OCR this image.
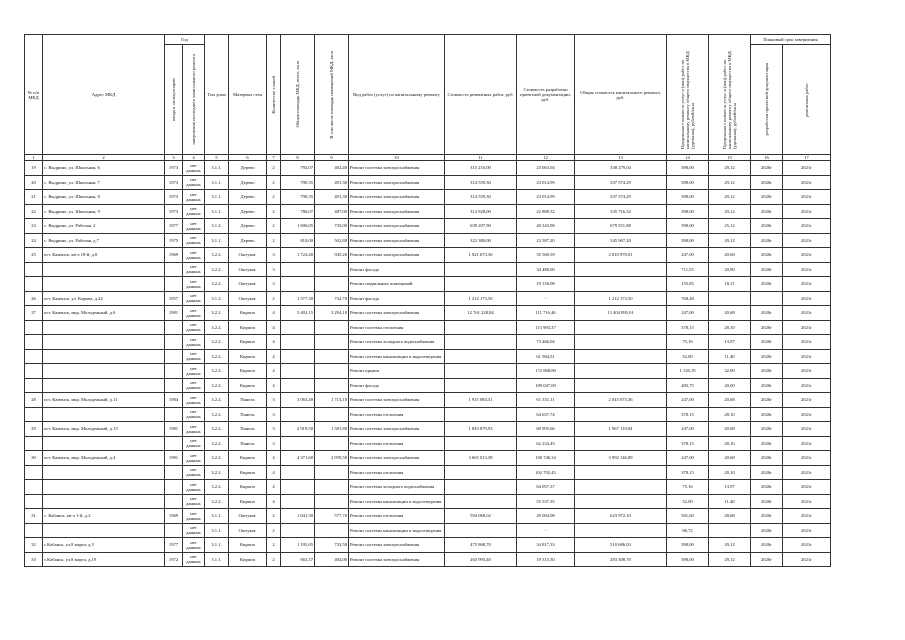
№ п/п МКД	Адрес МКД	Год		Тип дома	Материал стен	Количество этажей	Общая площадь МКД, всего, кв.м	В том числе площадь помещений МКД, кв.м	Вид работ (услуг) по капитальному ремонту	Стоимость ремонтных работ, руб.	Стоимость разработки проектной документации, руб.	Общая стоимость капитального ремонта, руб.	Предельная стоимость услуг и (или) работ по капитальному ремонту общего имущества в МКД (удельная), рублей/кв.м	Предельная стоимость услуг и (или) работ по капитальному ремонту общего имущества в МКД (удельная), рублей/кв.м	Плановый срок завершения	

		ввода в эксплуатацию	завершения последнего капитального ремонта												разработки проектной документации	ремонтных работ

1	2	3	4	5	6	7	8	9	10	11	12	13	14	15	16	17
19	с. Выдрино, ул. Школьная, 6	1973	нет данных	3.1.1.	Дерево	2	792,07	402,40	Ремонт системы электроснабжения	315 216,00	23 063,04	338 279,04	398,00	29,12	2020г	2021г
20	с. Выдрино, ул. Школьная, 7	1973	нет данных	3.1.1.	Дерево	2	790,35	491,30	Ремонт системы электроснабжения	314 559,30	23 014,99	337 574,29	398,00	29,12	2020г	2021г
21	с. Выдрино, ул. Школьная, 8	1973	нет данных	3.1.1.	Дерево	2	790,35	491,30	Ремонт системы электроснабжения	314 559,30	23 014,99	337 574,29	398,00	29,12	2020г	2021г
22	с. Выдрино, ул. Школьная, 9	1973	нет данных	3.1.1.	Дерево	2	786,07	487,00	Ремонт системы электроснабжения	312 828,00	22 888,32	335 716,32	398,00	29,12	2020г	2021г
23	с. Выдрино, ул. Рабочая, 2	1977	нет данных	3.1.2.	Дерево	2	1 606,05	735,00	Ремонт системы электроснабжения	639 207,90	40 343,98	679 551,88	398,00	25,12	2020г	2021г
24	с. Выдрино, ул. Рабочая, д.7	1975	нет данных	3.1.1.	Дерево	2	810,00	502,80	Ремонт системы электроснабжения	322 380,00	23 587,20	345 967,20	398,00	29,12	2020г	2021г
25	пгт. Каменск, кв-л 18-й, д.8	1969	нет данных	3.2.2.	Оштукат.	3	1 724,40	945,20	Ремонт системы электроснабжения	1 921 673,36	35 560,59	2 010 978,01	247,00	20,68	2020г	2021г
			нет данных	3.2.2.	Оштукат.	3			Ремонт фасада		34 488,00		711,55	20,90	2020г	2021г
			нет данных	3.2.2.	Оштукат.	3			Ремонт подвальных помещений		19 158,08		155,85	18,11	2020г	2021г
26	пгт. Каменск, ул. Кирова, д.22	1957	нет данных	3.1.2.	Оштукат.	2	1 577,30	732,70	Ремонт фасада	1 212 173,50	-	1 212 173,50	768,48			2021г
27	пгт. Каменск, мкр. Молодежный, д.6	1981	нет данных	3.2.2.	Кирпич	4	5 402,15	3 294,10	Ремонт системы электроснабжения	12 761 228,84	111 716,46	13 404 895,01	247,00	20,68	2020г	2021г
			нет данных	3.2.2.	Кирпич	4			Ремонт системы отопления		113 983,37		378,15	28,10	2020г	2021г
			нет данных	3.2.2.	Кирпич	4			Ремонт системы холодного водоснабжения		73 466,04		75,16	13,97	2020г	2021г
			нет данных	3.2.2.	Кирпич	4			Ремонт системы канализации и водоотведения		61 584,51		52,00	11,40	2020г	2021г
			нет данных	3.2.2.	Кирпич	4			Ремонт крыши		172 868,80		1 126,19	32,00	2020г	2021г
			нет данных	3.2.2.	Кирпич	4			Ремонт фасада		109 047,00		483,75	20,00	2020г	2021г
28	пгт. Каменск, мкр. Молодежный, д.11	1984	нет данных	3.2.2.	Панель	3	3 063,40	1 713,10	Ремонт системы электроснабжения	1 915 084,51	61 351,11	2 043 073,36	247,00	20,68	2020г	2021г
			нет данных	3.2.2.	Панель	3			Ремонт системы отопления		64 637,74		378,15	28,10	2020г	2021г
29	пгт. Каменск, мкр. Молодежный, д.13	1981	нет данных	3.2.2.	Панель	3	2 919,50	1 581,80	Ремонт системы электроснабжения	1 843 879,93	60 995,66	1 967 110,04	247,00	20,68	2020г	2021г
			нет данных	3.2.2.	Панель	3			Ремонт системы отопления		62 234,45		378,15	28,10	2020г	2021г
30	пгт. Каменск, мкр. Молодежный, д.4	1981	нет данных	3.2.2.	Кирпич	4	4 371,68	2 959,50	Ремонт системы электроснабжения	3 665 013,38	100 746,34	3 992 146,89	247,00	20,68	2020г	2021г
			нет данных	3.2.2.	Кирпич	4			Ремонт системы отопления		102 792,45		378,15	28,10	2020г	2021г
			нет данных	3.2.2.	Кирпич	4			Ремонт системы холодного водоснабжения		64 057,37		75,16	13,97	2020г	2021г
			нет данных	3.2.2.	Кирпич	4			Ремонт системы канализации и водоотведения		55 537,35		52,00	11,40	2020г	2021г
31	с. Кабанск, кв-л 1-й, д.2	1969	нет данных	3.1.1.	Оштукат.	2	1 041,30	577,70	Ремонт системы отопления	594 068,02	29 004,08	623 972,10	501,60	28,68	2020г	2021г
			нет данных	3.1.1.	Оштукат.	2			Ремонт системы канализации и водоотведения		-		86,72		2020г	2021г
32	с.Кабанск, ул.8 марта, д.5	1977	нет данных	3.1.1.	Кирпич	2	1 195,65	733,50	Ремонт системы электроснабжения	475 868,70	34 817,33	510 686,03	398,00	29,12	2020г	2021г
33	с.Кабанск, ул.8 марта, д.19	1972	нет данных	3.1.1.	Кирпич	2	663,37	404,00	Ремонт системы электроснабжения	263 993,40	19 315,30	283 308,70	398,00	29,12	2020г	2021г
